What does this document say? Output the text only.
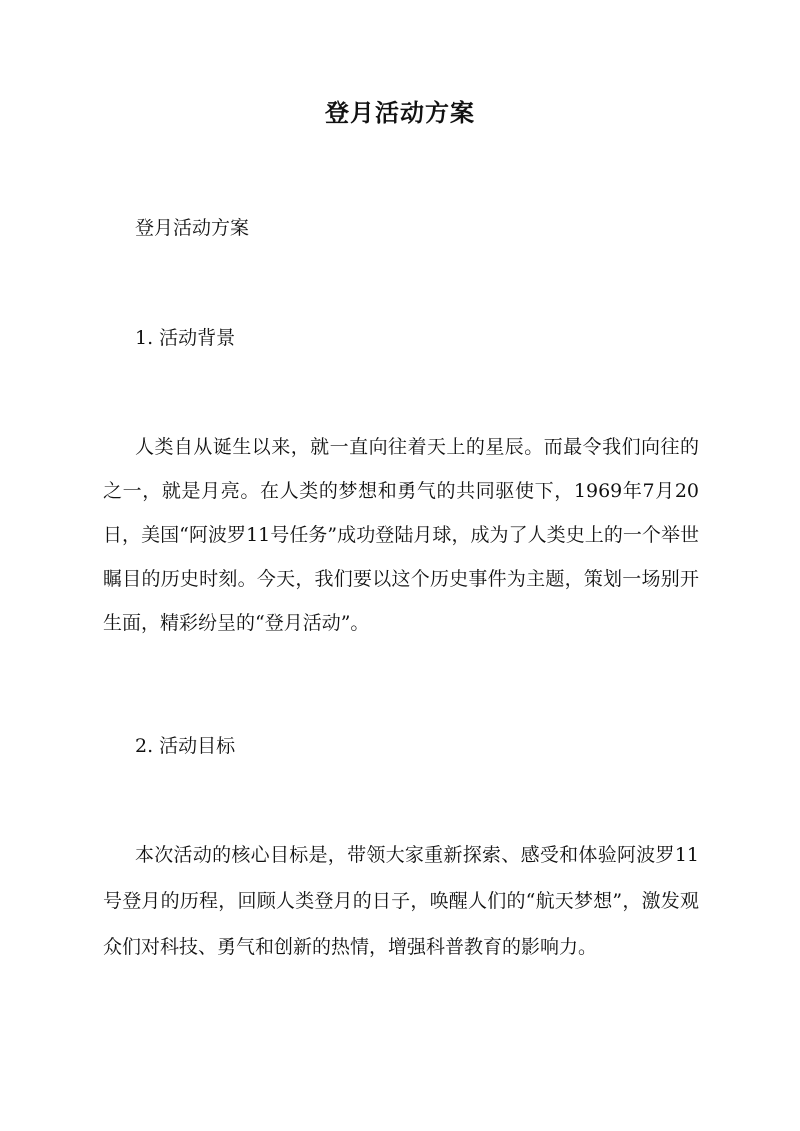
登月活动方案

登月活动方案

1. 活动背景

人类自从诞生以来，就一直向往着天上的星辰。而最令我们向往的之一，就是月亮。在人类的梦想和勇气的共同驱使下，1969年7月20日，美国“阿波罗11号任务”成功登陆月球，成为了人类史上的一个举世瞩目的历史时刻。今天，我们要以这个历史事件为主题，策划一场别开生面，精彩纷呈的“登月活动”。

2. 活动目标

本次活动的核心目标是，带领大家重新探索、感受和体验阿波罗11号登月的历程，回顾人类登月的日子，唤醒人们的“航天梦想”，激发观众们对科技、勇气和创新的热情，增强科普教育的影响力。
